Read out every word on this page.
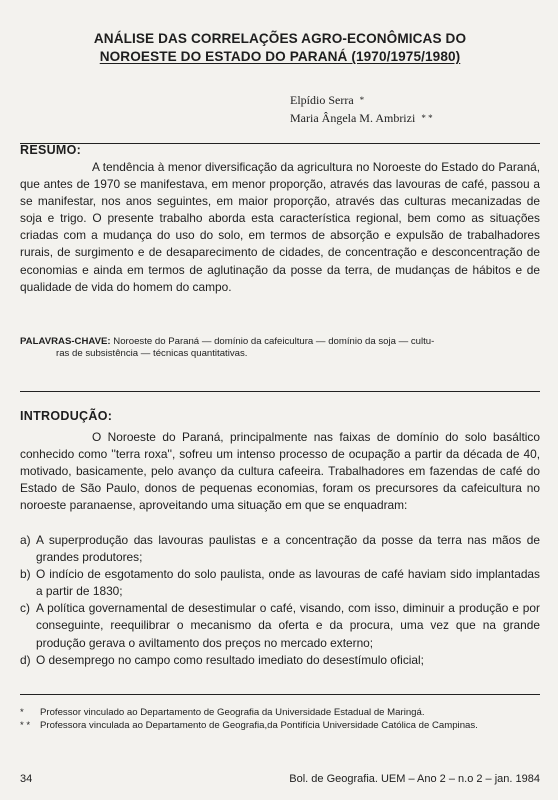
ANÁLISE DAS CORRELAÇÕES AGRO-ECONÔMICAS DO
NOROESTE DO ESTADO DO PARANÁ (1970/1975/1980)
Elpídio Serra *
Maria Ângela M. Ambrizi * *
RESUMO:

A tendência à menor diversificação da agricultura no Noroeste do Estado do Paraná, que antes de 1970 se manifestava, em menor proporção, através das lavouras de café, passou a se manifestar, nos anos seguintes, em maior proporção, através das culturas mecanizadas de soja e trigo. O presente trabalho aborda esta característica regional, bem como as situações criadas com a mudança do uso do solo, em termos de absorção e expulsão de trabalhadores rurais, de surgimento e de desaparecimento de cidades, de concentração e desconcentração de economias e ainda em termos de aglutinação da posse da terra, de mudanças de hábitos e de qualidade de vida do homem do campo.

PALAVRAS-CHAVE: Noroeste do Paraná — domínio da cafeicultura — domínio da soja — cultu-
ras de subsistência — técnicas quantitativas.
INTRODUÇÃO:

O Noroeste do Paraná, principalmente nas faixas de domínio do solo basáltico conhecido como ''terra roxa'', sofreu um intenso processo de ocupação a partir da década de 40, motivado, basicamente, pelo avanço da cultura cafeeira. Trabalhadores em fazendas de café do Estado de São Paulo, donos de pequenas economias, foram os precursores da cafeicultura no noroeste paranaense, aproveitando uma situação em que se enquadram:

a) A superprodução das lavouras paulistas e a concentração da posse da terra nas mãos de grandes produtores;
b) O indício de esgotamento do solo paulista, onde as lavouras de café haviam sido implantadas a partir de 1830;
c) A política governamental de desestimular o café, visando, com isso, diminuir a produção e por conseguinte, reequilibrar o mecanismo da oferta e da procura, uma vez que na grande produção gerava o aviltamento dos preços no mercado externo;
d) O desemprego no campo como resultado imediato do desestímulo oficial;
* Professor vinculado ao Departamento de Geografia da Universidade Estadual de Maringá.
* * Professora vinculada ao Departamento de Geografia,da Pontifícia Universidade Católica de Campinas.
34	Bol. de Geografia. UEM – Ano 2 – n.o 2 – jan. 1984
